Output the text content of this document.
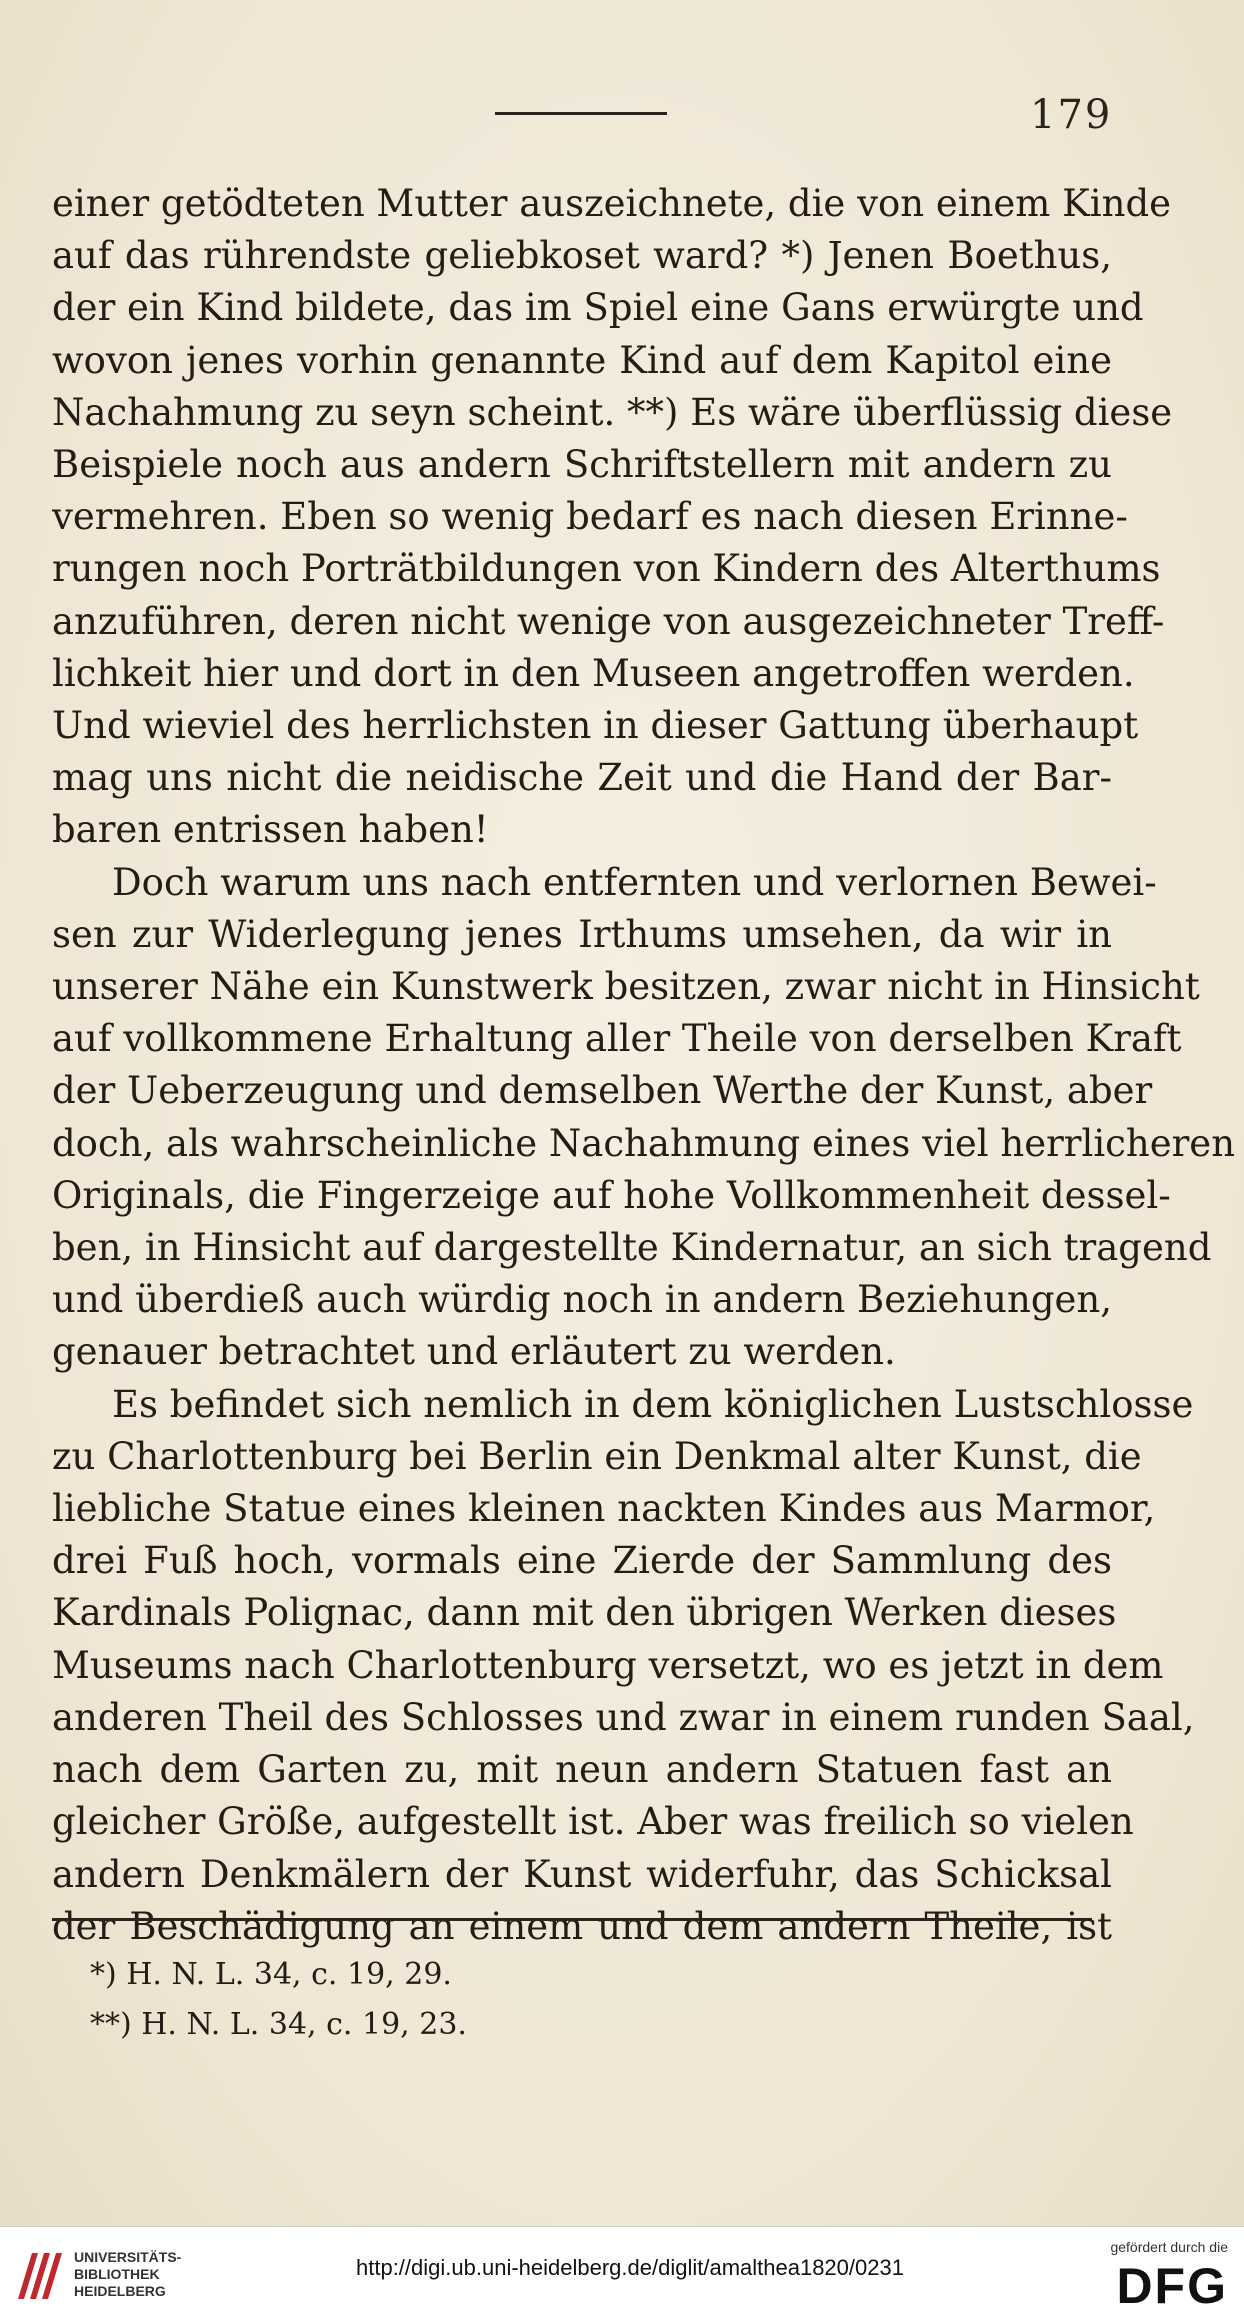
179
einer getödteten Mutter auszeichnete, die von einem Kinde
auf das rührendste geliebkoset ward? *) Jenen Boethus,
der ein Kind bildete, das im Spiel eine Gans erwürgte und
wovon jenes vorhin genannte Kind auf dem Kapitol eine
Nachahmung zu seyn scheint. **) Es wäre überflüssig diese
Beispiele noch aus andern Schriftstellern mit andern zu
vermehren. Eben so wenig bedarf es nach diesen Erinne-
rungen noch Porträtbildungen von Kindern des Alterthums
anzuführen, deren nicht wenige von ausgezeichneter Treff-
lichkeit hier und dort in den Museen angetroffen werden.
Und wieviel des herrlichsten in dieser Gattung überhaupt
mag uns nicht die neidische Zeit und die Hand der Bar-
baren entrissen haben!
Doch warum uns nach entfernten und verlornen Bewei-
sen zur Widerlegung jenes Irthums umsehen, da wir in
unserer Nähe ein Kunstwerk besitzen, zwar nicht in Hinsicht
auf vollkommene Erhaltung aller Theile von derselben Kraft
der Ueberzeugung und demselben Werthe der Kunst, aber
doch, als wahrscheinliche Nachahmung eines viel herrlicheren
Originals, die Fingerzeige auf hohe Vollkommenheit dessel-
ben, in Hinsicht auf dargestellte Kindernatur, an sich tragend
und überdieß auch würdig noch in andern Beziehungen,
genauer betrachtet und erläutert zu werden.
Es befindet sich nemlich in dem königlichen Lustschlosse
zu Charlottenburg bei Berlin ein Denkmal alter Kunst, die
liebliche Statue eines kleinen nackten Kindes aus Marmor,
drei Fuß hoch, vormals eine Zierde der Sammlung des
Kardinals Polignac, dann mit den übrigen Werken dieses
Museums nach Charlottenburg versetzt, wo es jetzt in dem
anderen Theil des Schlosses und zwar in einem runden Saal,
nach dem Garten zu, mit neun andern Statuen fast an
gleicher Größe, aufgestellt ist. Aber was freilich so vielen
andern Denkmälern der Kunst widerfuhr, das Schicksal
der Beschädigung an einem und dem andern Theile, ist
*) H. N. L. 34, c. 19, 29.
**) H. N. L. 34, c. 19, 23.
UNIVERSITÄTS-
BIBLIOTHEK
HEIDELBERG
http://digi.ub.uni-heidelberg.de/diglit/amalthea1820/0231
gefördert durch die
DFG
